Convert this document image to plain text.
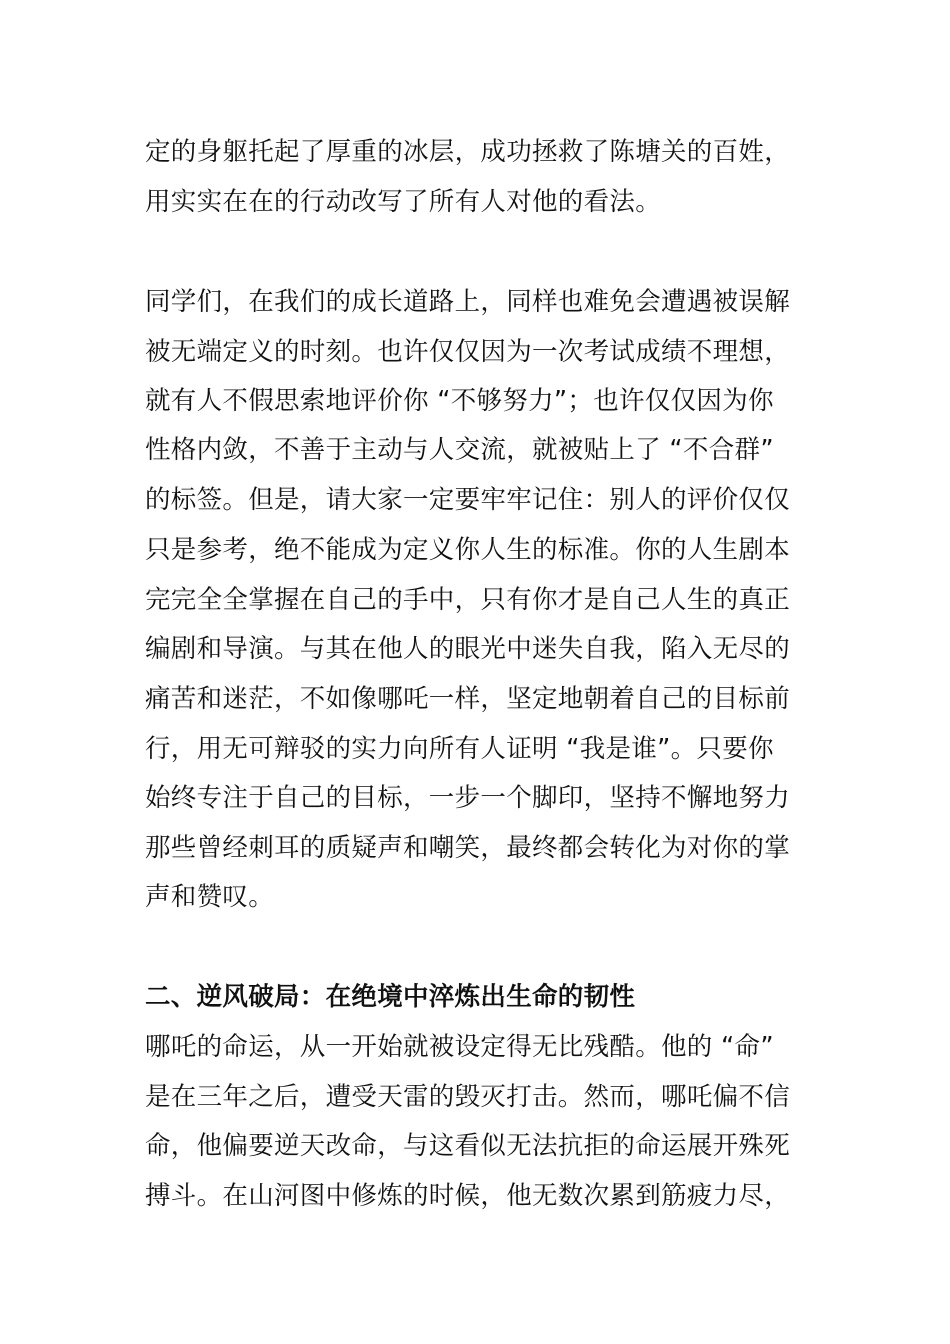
定的身躯托起了厚重的冰层，成功拯救了陈塘关的百姓，
用实实在在的行动改写了所有人对他的看法。
同学们，在我们的成长道路上，同样也难免会遭遇被误解
被无端定义的时刻。也许仅仅因为一次考试成绩不理想，
就有人不假思索地评价你 “不够努力”；也许仅仅因为你
性格内敛，不善于主动与人交流，就被贴上了 “不合群”
的标签。但是，请大家一定要牢牢记住：别人的评价仅仅
只是参考，绝不能成为定义你人生的标准。你的人生剧本
完完全全掌握在自己的手中，只有你才是自己人生的真正
编剧和导演。与其在他人的眼光中迷失自我，陷入无尽的
痛苦和迷茫，不如像哪吒一样，坚定地朝着自己的目标前
行，用无可辩驳的实力向所有人证明 “我是谁”。只要你
始终专注于自己的目标，一步一个脚印，坚持不懈地努力
那些曾经刺耳的质疑声和嘲笑，最终都会转化为对你的掌
声和赞叹。
二、逆风破局：在绝境中淬炼出生命的韧性
哪吒的命运，从一开始就被设定得无比残酷。他的 “命”
是在三年之后，遭受天雷的毁灭打击。然而，哪吒偏不信
命，他偏要逆天改命，与这看似无法抗拒的命运展开殊死
搏斗。在山河图中修炼的时候，他无数次累到筋疲力尽，
